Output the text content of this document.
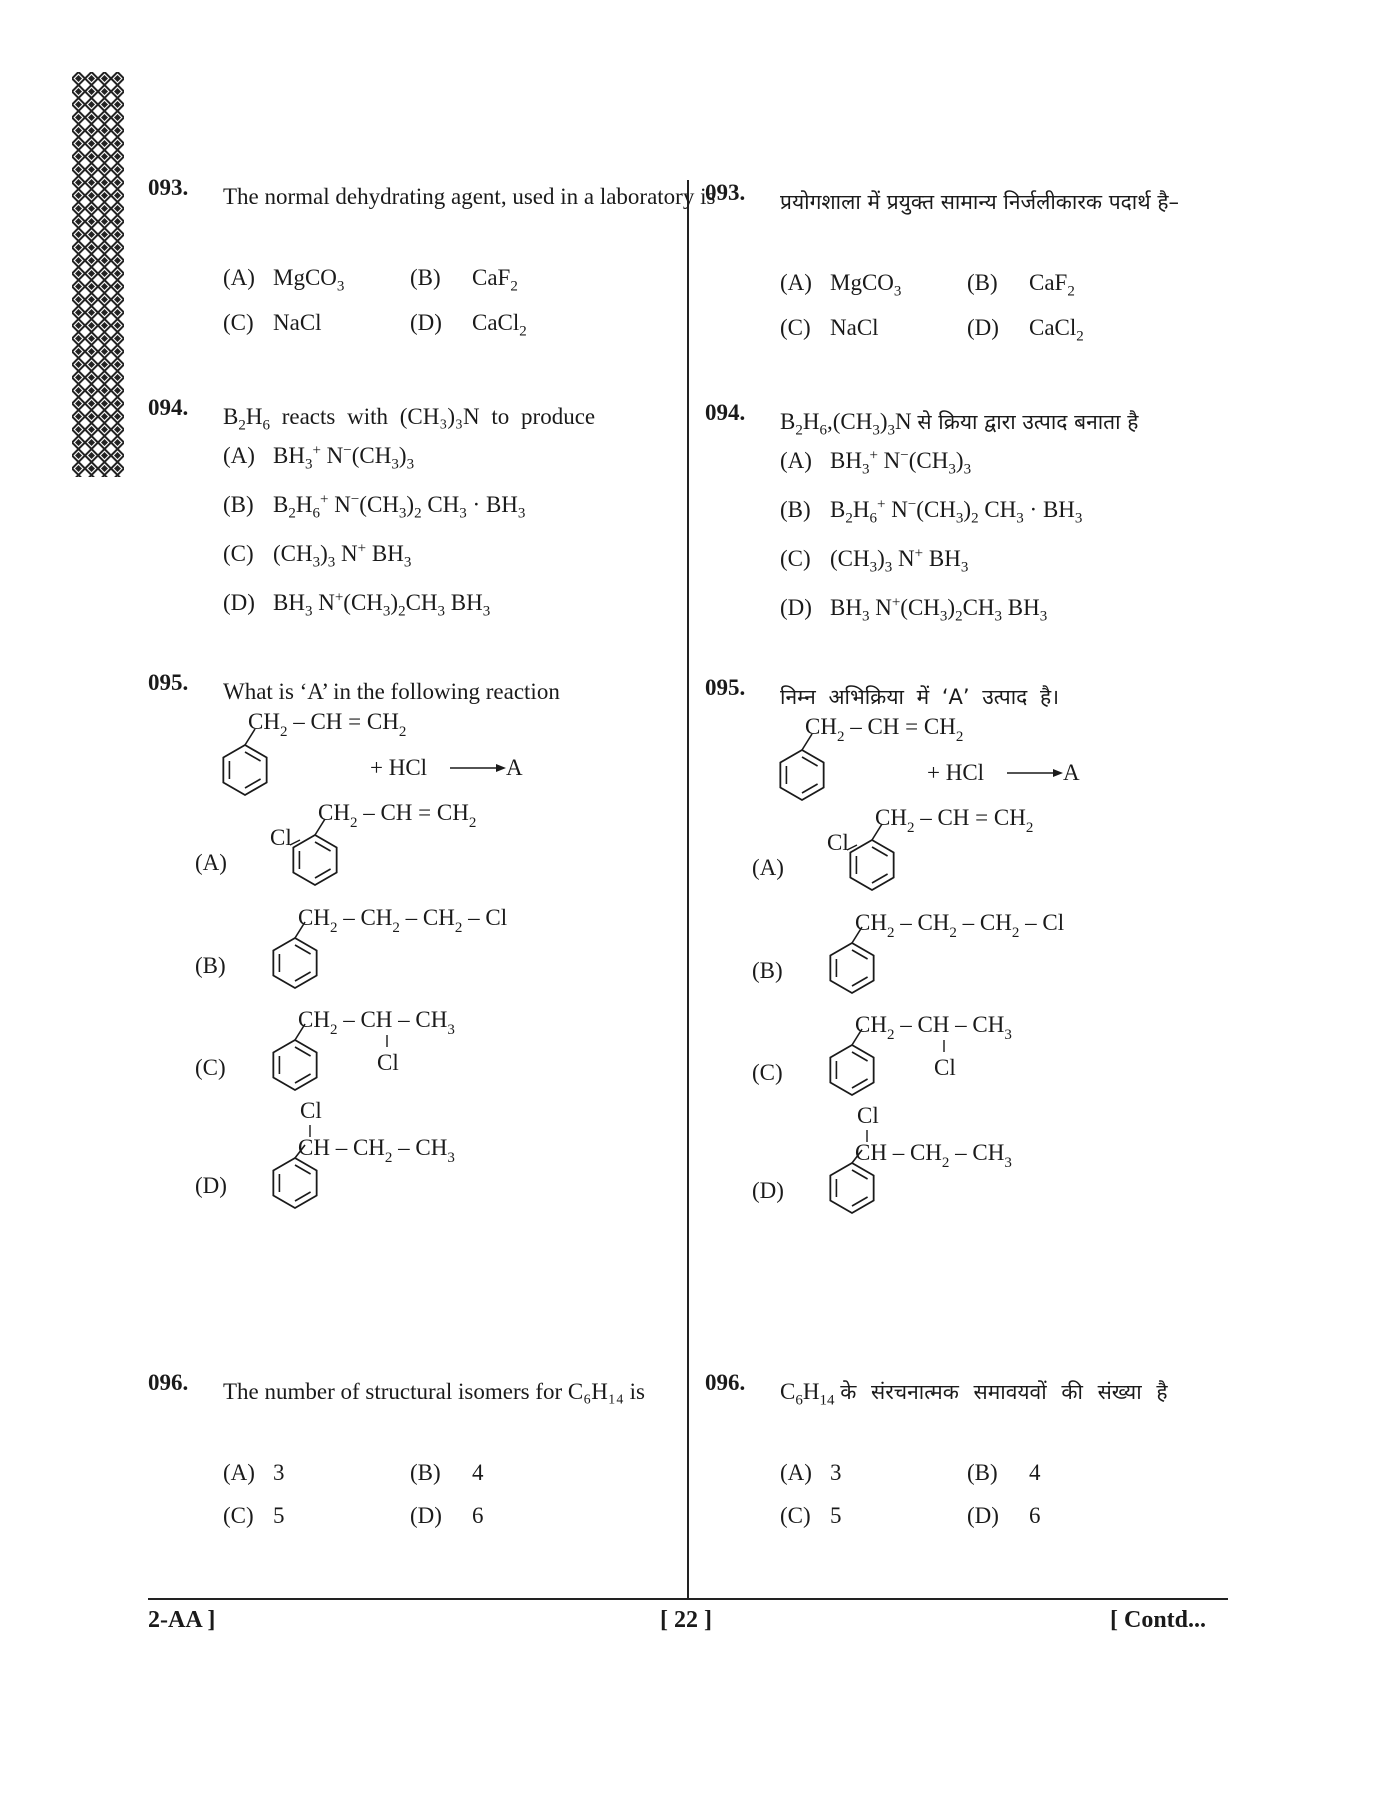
093. The normal dehydrating agent, used in a laboratory is
(A) MgCO$_3$	(B) CaF$_2$
(C) NaCl	(D) CaCl$_2$
094. $B_2H_6$ reacts with (CH₃)₃N to produce
(A) $BH_3^+$ $N^-(CH_3)_3$
(B) $B_2H_6^+$ $N^-(CH_3)_2$ $CH_3 \cdot BH_3$
(C) $(CH_3)_3$ N+ $BH_3$
(D) $BH_3$ $N^+(CH_3)_2CH_3$ $BH_3$
095. What is ‘A’ in the following reaction
096. The number of structural isomers for C₆H₁₄ is
(A) 3	(B) 4
(C) 5	(D) 6
093. प्रयोगशाला में प्रयुक्त सामान्य निर्जलीकारक पदार्थ है–
(A) MgCO$_3$	(B) CaF$_2$
(C) NaCl	(D) CaCl$_2$
094. $B_2H_6,(CH_3)_3N$ से क्रिया द्वारा उत्पाद बनाता है
(A) $BH_3^+$ $N^-(CH_3)_3$
(B) $B_2H_6^+$ $N^-(CH_3)_2$ $CH_3 \cdot BH_3$
(C) $(CH_3)_3$ N+ $BH_3$
(D) $BH_3$ $N^+(CH_3)_2CH_3$ $BH_3$
095. निम्न अभिक्रिया में ‘A’ उत्पाद है।
096. $C_6H_{14}$ के संरचनात्मक समावयवों की संख्या है
(A) 3	(B) 4
(C) 5	(D) 6
$CH_2$ – CH = $CH_2$
+ HCl	A
(A)
Cl
$CH_2$ – CH = $CH_2$
(B)
$CH_2 - CH_2 - CH_2$ – Cl
(C)
$CH_2$ – CH – $CH_3$
Cl
(D)
Cl
CH – $CH_2 - CH_3$
$CH_2$ – CH = $CH_2$
+ HCl	A
(A)
Cl
$CH_2$ – CH = $CH_2$
(B)
$CH_2 - CH_2 - CH_2$ – Cl
(C)
$CH_2$ – CH – $CH_3$
Cl
(D)
Cl
CH – $CH_2 - CH_3$
2-AA ]	[ 22 ]	[ Contd...
